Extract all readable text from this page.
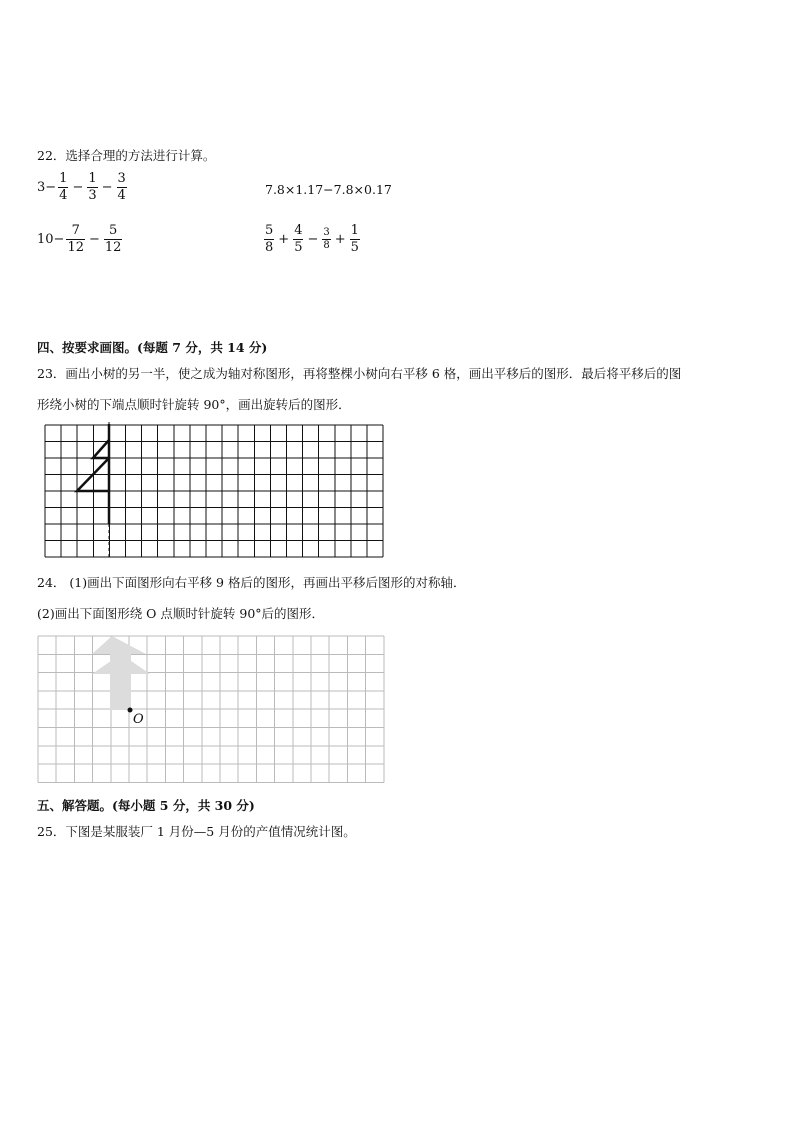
22．选择合理的方法进行计算。
$3- \frac{1}{4} - \frac{1}{3} - \frac{3}{4}$	7.8×1.17−7.8×0.17
$10- \frac{7}{12} - \frac{5}{12}$	$\frac{5}{8} + \frac{4}{5} - \frac{3}{8} + \frac{1}{5}$
四、按要求画图。(每题 7 分，共 14 分)
23．画出小树的另一半，使之成为轴对称图形，再将整棵小树向右平移 6 格，画出平移后的图形．最后将平移后的图
形绕小树的下端点顺时针旋转 90°，画出旋转后的图形．
24． (1)画出下面图形向右平移 9 格后的图形，再画出平移后图形的对称轴．
(2)画出下面图形绕 O 点顺时针旋转 90°后的图形．
O
五、解答题。(每小题 5 分，共 30 分)
25．下图是某服装厂 1 月份—5 月份的产值情况统计图。
